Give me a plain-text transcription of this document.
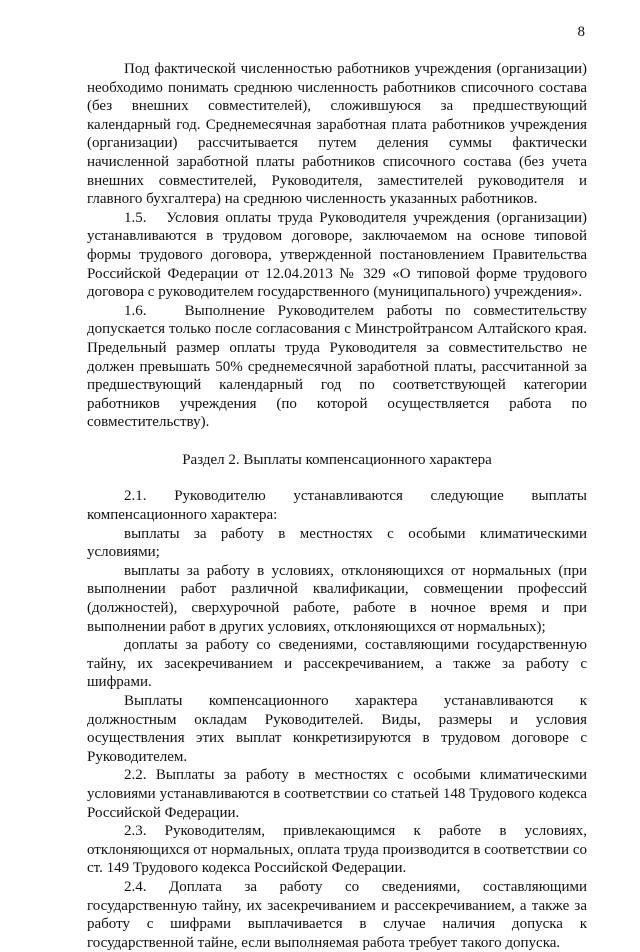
8

Под фактической численностью работников учреждения (организации) необходимо понимать среднюю численность работников списочного состава (без внешних совместителей), сложившуюся за предшествующий календарный год. Среднемесячная заработная плата работников учреждения (организации) рассчитывается путем деления суммы фактически начисленной заработной платы работников списочного состава (без учета внешних совместителей, Руководителя, заместителей руководителя и главного бухгалтера) на среднюю численность указанных работников.

1.5.   Условия оплаты труда Руководителя учреждения (организации) устанавливаются в трудовом договоре, заключаемом на основе типовой формы трудового договора, утвержденной постановлением Правительства Российской Федерации от 12.04.2013 № 329 «О типовой форме трудового договора с руководителем государственного (муниципального) учреждения».

1.6.   Выполнение Руководителем работы по совместительству допускается только после согласования с Минстройтрансом Алтайского края. Предельный размер оплаты труда Руководителя за совместительство не должен превышать 50% среднемесячной заработной платы, рассчитанной за предшествующий календарный год по соответствующей категории работников учреждения (по которой осуществляется работа по совместительству).

Раздел 2. Выплаты компенсационного характера

2.1. Руководителю устанавливаются следующие выплаты компенсационного характера:

выплаты за работу в местностях с особыми климатическими условиями;

выплаты за работу в условиях, отклоняющихся от нормальных (при выполнении работ различной квалификации, совмещении профессий (должностей), сверхурочной работе, работе в ночное время и при выполнении работ в других условиях, отклоняющихся от нормальных);

доплаты за работу со сведениями, составляющими государственную тайну, их засекречиванием и рассекречиванием, а также за работу с шифрами.

Выплаты компенсационного характера устанавливаются к должностным окладам Руководителей. Виды, размеры и условия осуществления этих выплат конкретизируются в трудовом договоре с Руководителем.

2.2. Выплаты за работу в местностях с особыми климатическими условиями устанавливаются в соответствии со статьей 148 Трудового кодекса Российской Федерации.

2.3. Руководителям, привлекающимся к работе в условиях, отклоняющихся от нормальных, оплата труда производится в соответствии со ст. 149 Трудового кодекса Российской Федерации.

2.4. Доплата за работу со сведениями, составляющими государственную тайну, их засекречиванием и рассекречиванием, а также за работу с шифрами выплачивается в случае наличия допуска к государственной тайне, если выполняемая работа требует такого допуска.
